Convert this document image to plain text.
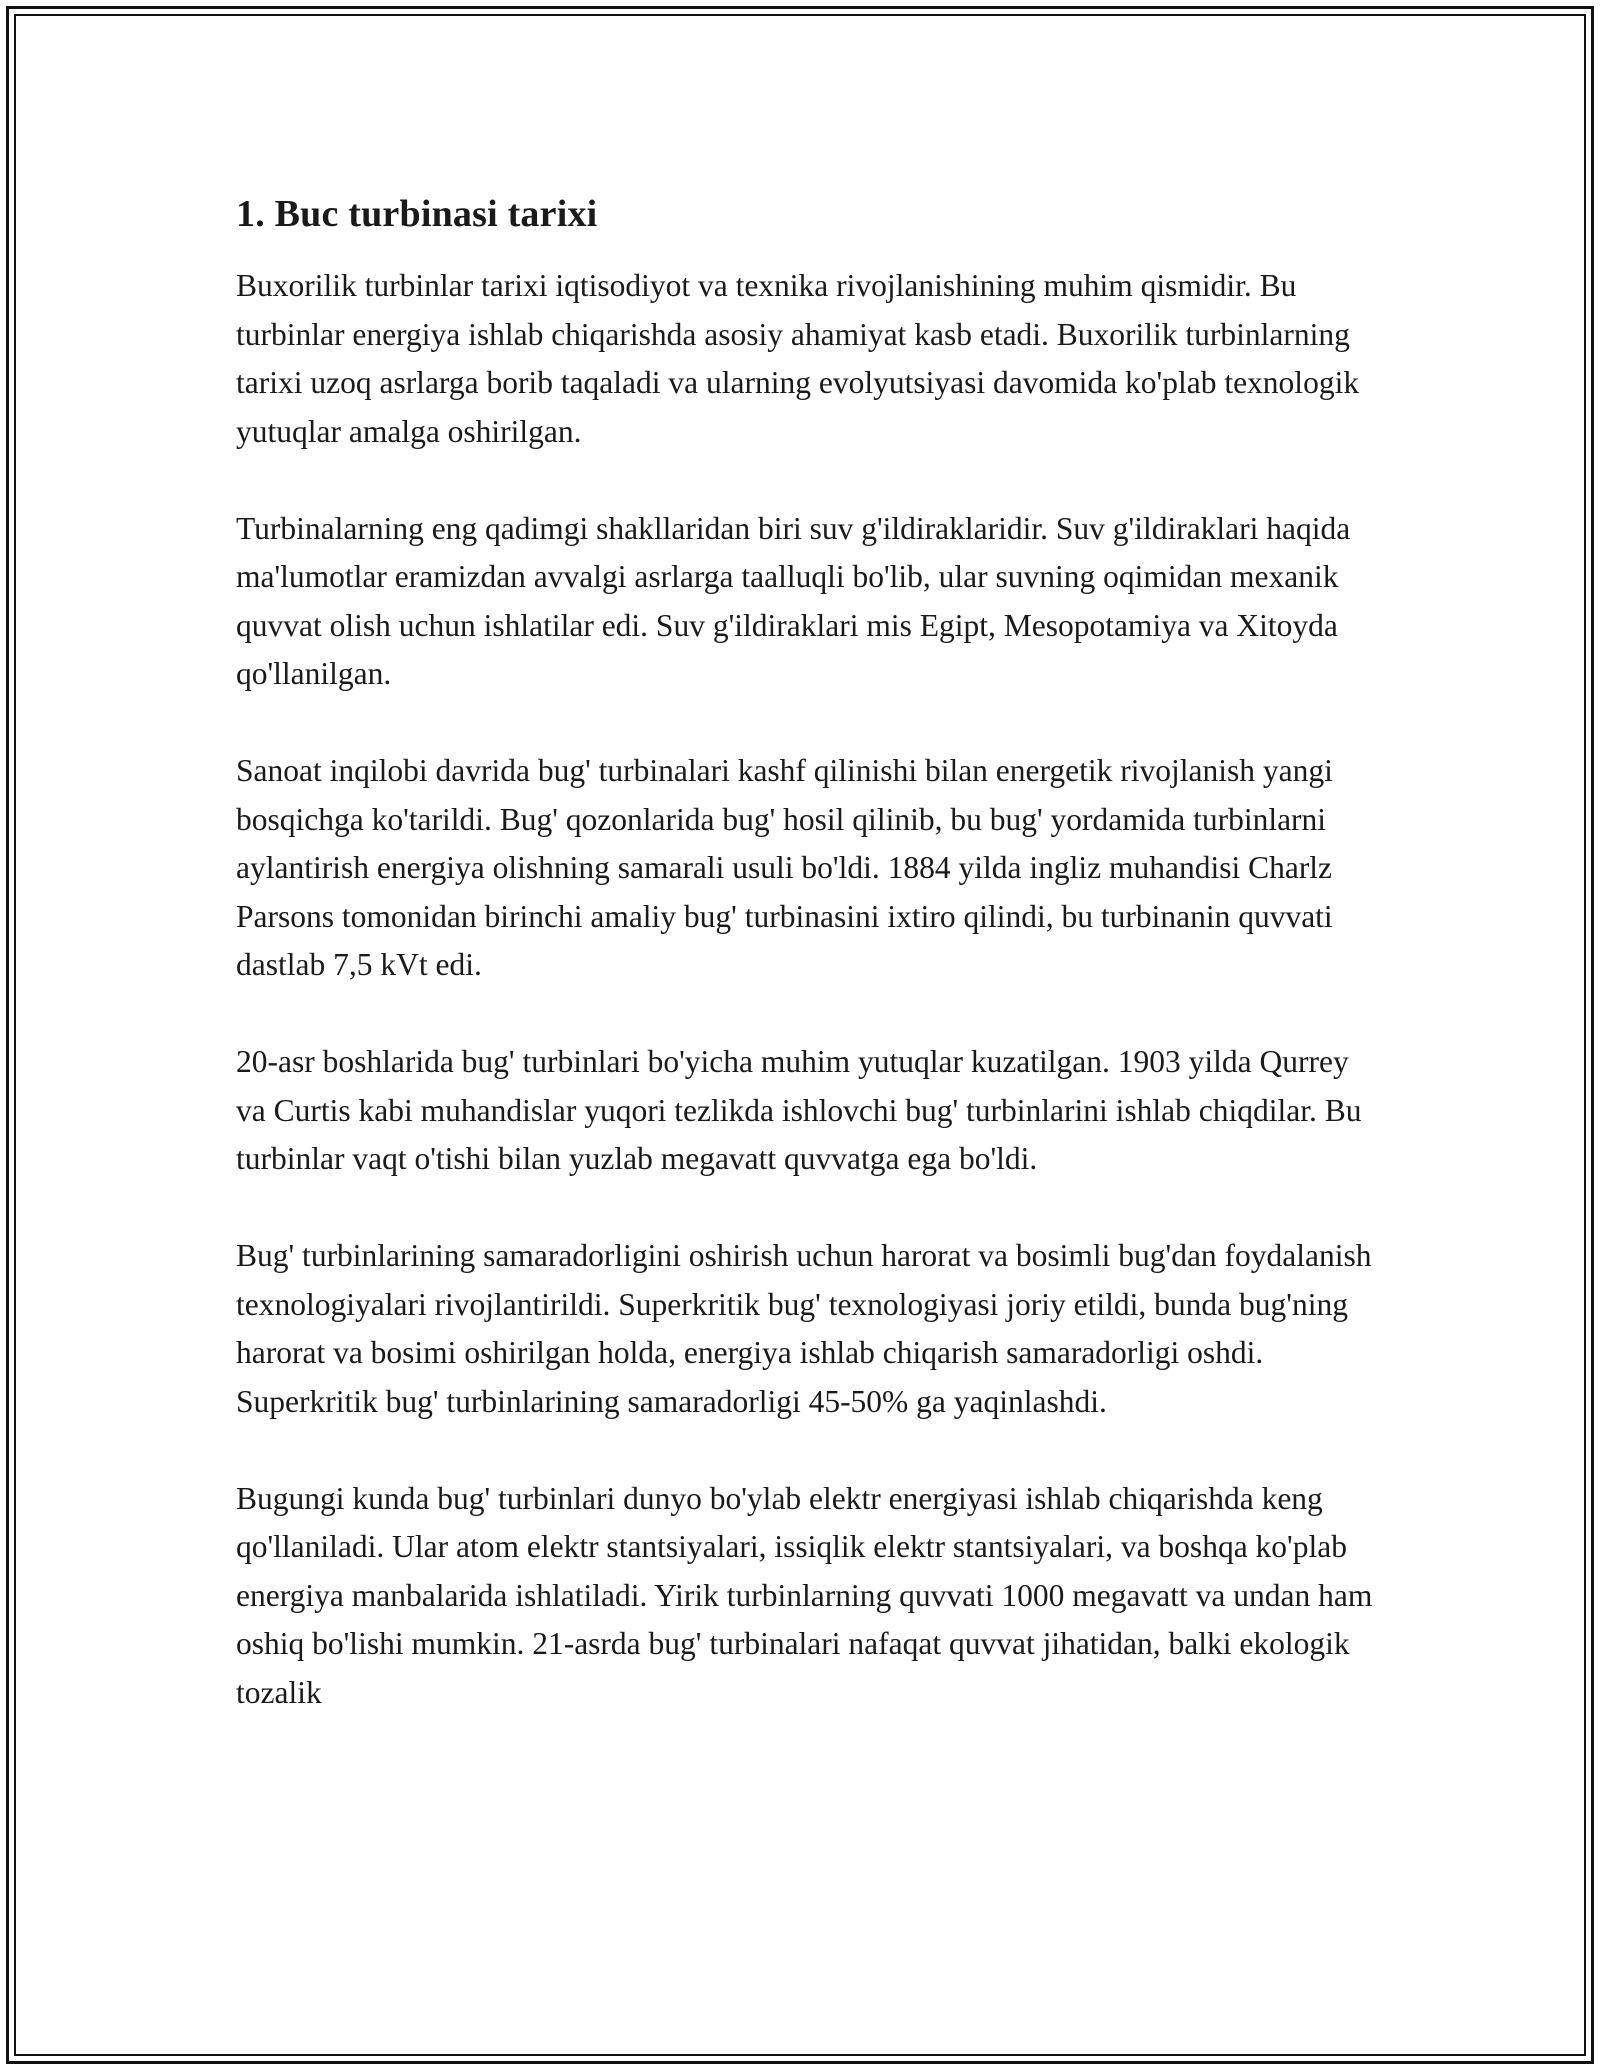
1. Buc turbinasi tarixi

Buxorilik turbinlar tarixi iqtisodiyot va texnika rivojlanishining muhim qismidir. Bu turbinlar energiya ishlab chiqarishda asosiy ahamiyat kasb etadi. Buxorilik turbinlarning tarixi uzoq asrlarga borib taqaladi va ularning evolyutsiyasi davomida ko'plab texnologik yutuqlar amalga oshirilgan.

Turbinalarning eng qadimgi shakllaridan biri suv g'ildiraklaridir. Suv g'ildiraklari haqida ma'lumotlar eramizdan avvalgi asrlarga taalluqli bo'lib, ular suvning oqimidan mexanik quvvat olish uchun ishlatilar edi. Suv g'ildiraklari mis Egipt, Mesopotamiya va Xitoyda qo'llanilgan.

Sanoat inqilobi davrida bug' turbinalari kashf qilinishi bilan energetik rivojlanish yangi bosqichga ko'tarildi. Bug' qozonlarida bug' hosil qilinib, bu bug' yordamida turbinlarni aylantirish energiya olishning samarali usuli bo'ldi. 1884 yilda ingliz muhandisi Charlz Parsons tomonidan birinchi amaliy bug' turbinasini ixtiro qilindi, bu turbinanin quvvati dastlab 7,5 kVt edi.

20-asr boshlarida bug' turbinlari bo'yicha muhim yutuqlar kuzatilgan. 1903 yilda Qurrey va Curtis kabi muhandislar yuqori tezlikda ishlovchi bug' turbinlarini ishlab chiqdilar. Bu turbinlar vaqt o'tishi bilan yuzlab megavatt quvvatga ega bo'ldi.

Bug' turbinlarining samaradorligini oshirish uchun harorat va bosimli bug'dan foydalanish texnologiyalari rivojlantirildi. Superkritik bug' texnologiyasi joriy etildi, bunda bug'ning harorat va bosimi oshirilgan holda, energiya ishlab chiqarish samaradorligi oshdi. Superkritik bug' turbinlarining samaradorligi 45-50% ga yaqinlashdi.

Bugungi kunda bug' turbinlari dunyo bo'ylab elektr energiyasi ishlab chiqarishda keng qo'llaniladi. Ular atom elektr stantsiyalari, issiqlik elektr stantsiyalari, va boshqa ko'plab energiya manbalarida ishlatiladi. Yirik turbinlarning quvvati 1000 megavatt va undan ham oshiq bo'lishi mumkin. 21-asrda bug' turbinalari nafaqat quvvat jihatidan, balki ekologik tozalik
